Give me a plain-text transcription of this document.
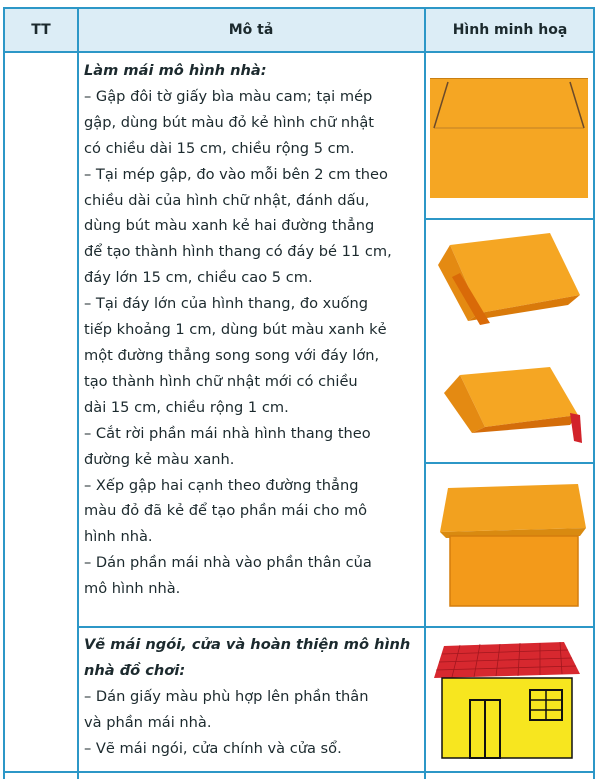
TT	Mô tả	Hình minh hoạ

Làm mái mô hình nhà:

– Gập đôi tờ giấy bìa màu cam; tại mép

gập, dùng bút màu đỏ kẻ hình chữ nhật

có chiều dài 15 cm, chiều rộng 5 cm.

– Tại mép gập, đo vào mỗi bên 2 cm theo

chiều dài của hình chữ nhật, đánh dấu,

dùng bút màu xanh kẻ hai đường thẳng

để tạo thành hình thang có đáy bé 11 cm,

đáy lớn 15 cm, chiều cao 5 cm.

– Tại đáy lớn của hình thang, đo xuống

tiếp khoảng 1 cm, dùng bút màu xanh kẻ

một đường thẳng song song với đáy lớn,

tạo thành hình chữ nhật mới có chiều

dài 15 cm, chiều rộng 1 cm.

– Cắt rời phần mái nhà hình thang theo

đường kẻ màu xanh.

– Xếp gập hai cạnh theo đường thẳng

màu đỏ đã kẻ để tạo phần mái cho mô

hình nhà.

– Dán phần mái nhà vào phần thân của

mô hình nhà.

Vẽ mái ngói, cửa và hoàn thiện mô hình nhà đồ chơi:

– Dán giấy màu phù hợp lên phần thân

và phần mái nhà.

– Vẽ mái ngói, cửa chính và cửa sổ.
